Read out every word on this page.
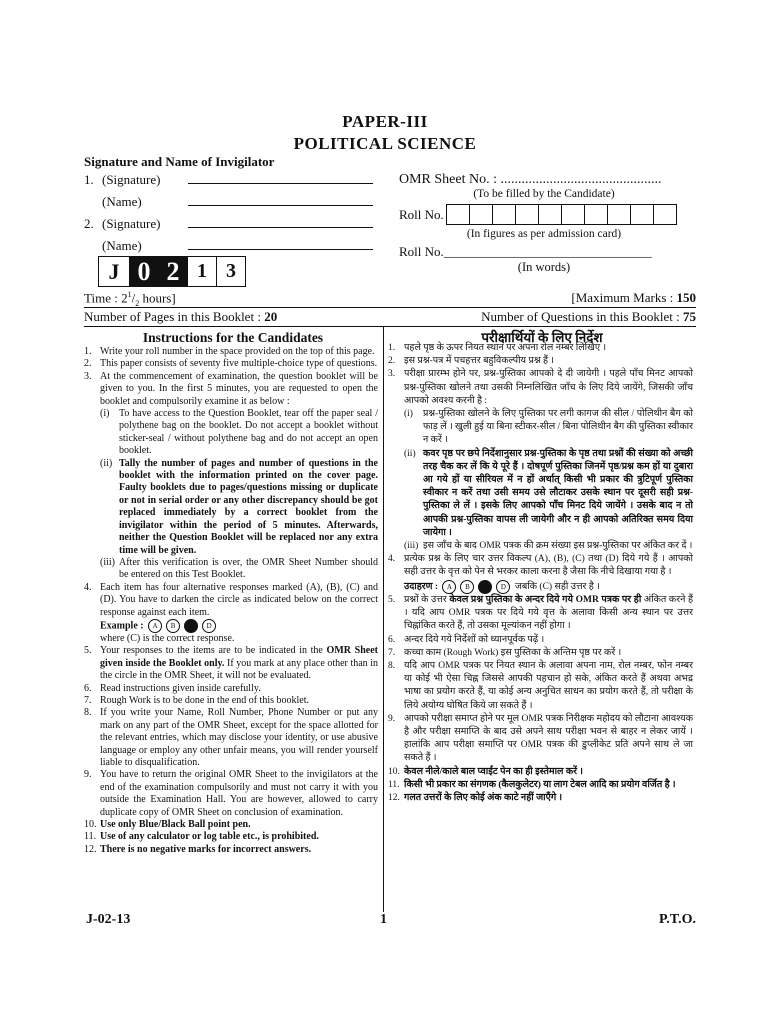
PAPER-III
POLITICAL SCIENCE
Signature and Name of Invigilator
1. (Signature)
(Name)
2. (Signature)
(Name)
J 0 2 1 3
OMR Sheet No. : ..............................................
(To be filled by the Candidate)
Roll No.
(In figures as per admission card)
Roll No.________________________________
(In words)
Time : $2^1/_2$ hours]	[Maximum Marks : 150
Number of Pages in this Booklet : 20	Number of Questions in this Booklet : 75
Instructions for the Candidates	परीक्षार्थियों के लिए निर्देश
1. Write your roll number in the space provided on the top of this page.
2. This paper consists of seventy five multiple-choice type of questions.
3. At the commencement of examination, the question booklet will be given to you. In the first 5 minutes, you are requested to open the booklet and compulsorily examine it as below :
(i) To have access to the Question Booklet, tear off the paper seal / polythene bag on the booklet. Do not accept a booklet without sticker-seal / without polythene bag and do not accept an open booklet.
(ii) Tally the number of pages and number of questions in the booklet with the information printed on the cover page. Faulty booklets due to pages/questions missing or duplicate or not in serial order or any other discrepancy should be got replaced immediately by a correct booklet from the invigilator within the period of 5 minutes. Afterwards, neither the Question Booklet will be replaced nor any extra time will be given.
(iii) After this verification is over, the OMR Sheet Number should be entered on this Test Booklet.
4. Each item has four alternative responses marked (A), (B), (C) and (D). You have to darken the circle as indicated below on the correct response against each item.
Example : A B	D
where (C) is the correct response.
5. Your responses to the items are to be indicated in the OMR Sheet given inside the Booklet only. If you mark at any place other than in the circle in the OMR Sheet, it will not be evaluated.
6. Read instructions given inside carefully.
7. Rough Work is to be done in the end of this booklet.
8. If you write your Name, Roll Number, Phone Number or put any mark on any part of the OMR Sheet, except for the space allotted for the relevant entries, which may disclose your identity, or use abusive language or employ any other unfair means, you will render yourself liable to disqualification.
9. You have to return the original OMR Sheet to the invigilators at the end of the examination compulsorily and must not carry it with you outside the Examination Hall. You are however, allowed to carry duplicate copy of OMR Sheet on conclusion of examination.
10. Use only Blue/Black Ball point pen.
11. Use of any calculator or log table etc., is prohibited.
12. There is no negative marks for incorrect answers.
1. पहले पृष्ठ के ऊपर नियत स्थान पर अपना रोल नम्बर लिखिए ।
2. इस प्रश्न-पत्र में पचहत्तर बहुविकल्पीय प्रश्न हैं ।
3. परीक्षा प्रारम्भ होने पर, प्रश्न-पुस्तिका आपको दे दी जायेगी । पहले पाँच मिनट आपको प्रश्न-पुस्तिका खोलने तथा उसकी निम्नलिखित जाँच के लिए दिये जायेंगे, जिसकी जाँच आपको अवश्य करनी है :
(i)	प्रश्न-पुस्तिका खोलने के लिए पुस्तिका पर लगी कागज की सील / पोलिथीन बैग को फाड़ लें । खुली हुई या बिना स्टीकर-सील / बिना पोलिथीन बैग की पुस्तिका स्वीकार न करें ।
(ii) कवर पृष्ठ पर छपे निर्देशानुसार प्रश्न-पुस्तिका के पृष्ठ तथा प्रश्नों की संख्या को अच्छी तरह चैक कर लें कि ये पूरे हैं । दोषपूर्ण पुस्तिका जिनमें पृष्ठ/प्रश्न कम हों या दुबारा आ गये हों या सीरियल में न हों अर्थात् किसी भी प्रकार की त्रुटिपूर्ण पुस्तिका स्वीकार न करें तथा उसी समय उसे लौटाकर उसके स्थान पर दूसरी सही प्रश्न-पुस्तिका ले लें । इसके लिए आपको पाँच मिनट दिये जायेंगे । उसके बाद न तो आपकी प्रश्न-पुस्तिका वापस ली जायेगी और न ही आपको अतिरिक्त समय दिया जायेगा ।
(iii) इस जाँच के बाद OMR पत्रक की क्रम संख्या इस प्रश्न-पुस्तिका पर अंकित कर दें ।
4. प्रत्येक प्रश्न के लिए चार उत्तर विकल्प (A), (B), (C) तथा (D) दिये गये हैं । आपको सही उत्तर के वृत्त को पेन से भरकर काला करना है जैसा कि नीचे दिखाया गया है ।
उदाहरण : A B	D जबकि (C) सही उत्तर है ।
5. प्रश्नों के उत्तर केवल प्रश्न पुस्तिका के अन्दर दिये गये OMR पत्रक पर ही अंकित करने हैं । यदि आप OMR पत्रक पर दिये गये वृत्त के अलावा किसी अन्य स्थान पर उत्तर चिह्नांकित करते हैं, तो उसका मूल्यांकन नहीं होगा ।
6. अन्दर दिये गये निर्देशों को ध्यानपूर्वक पढ़ें ।
7. कच्चा काम (Rough Work) इस पुस्तिका के अन्तिम पृष्ठ पर करें ।
8. यदि आप OMR पत्रक पर नियत स्थान के अलावा अपना नाम, रोल नम्बर, फोन नम्बर या कोई भी ऐसा चिह्न जिससे आपकी पहचान हो सके, अंकित करते हैं अथवा अभद्र भाषा का प्रयोग करते हैं, या कोई अन्य अनुचित साधन का प्रयोग करते हैं, तो परीक्षा के लिये अयोग्य घोषित किये जा सकते हैं ।
9. आपको परीक्षा समाप्त होने पर मूल OMR पत्रक निरीक्षक महोदय को लौटाना आवश्यक है और परीक्षा समाप्ति के बाद उसे अपने साथ परीक्षा भवन से बाहर न लेकर जायें । हालांकि आप परीक्षा समाप्ति पर OMR पत्रक की डुप्लीकेट प्रति अपने साथ ले जा सकते हैं ।
10. केवल नीले/काले बाल प्वाईंट पेन का ही इस्तेमाल करें ।
11. किसी भी प्रकार का संगणक (कैलकुलेटर) या लाग टेबल आदि का प्रयोग वर्जित है ।
12. गलत उत्तरों के लिए कोई अंक काटे नहीं जाएँगे ।
J-02-13	1	P.T.O.
